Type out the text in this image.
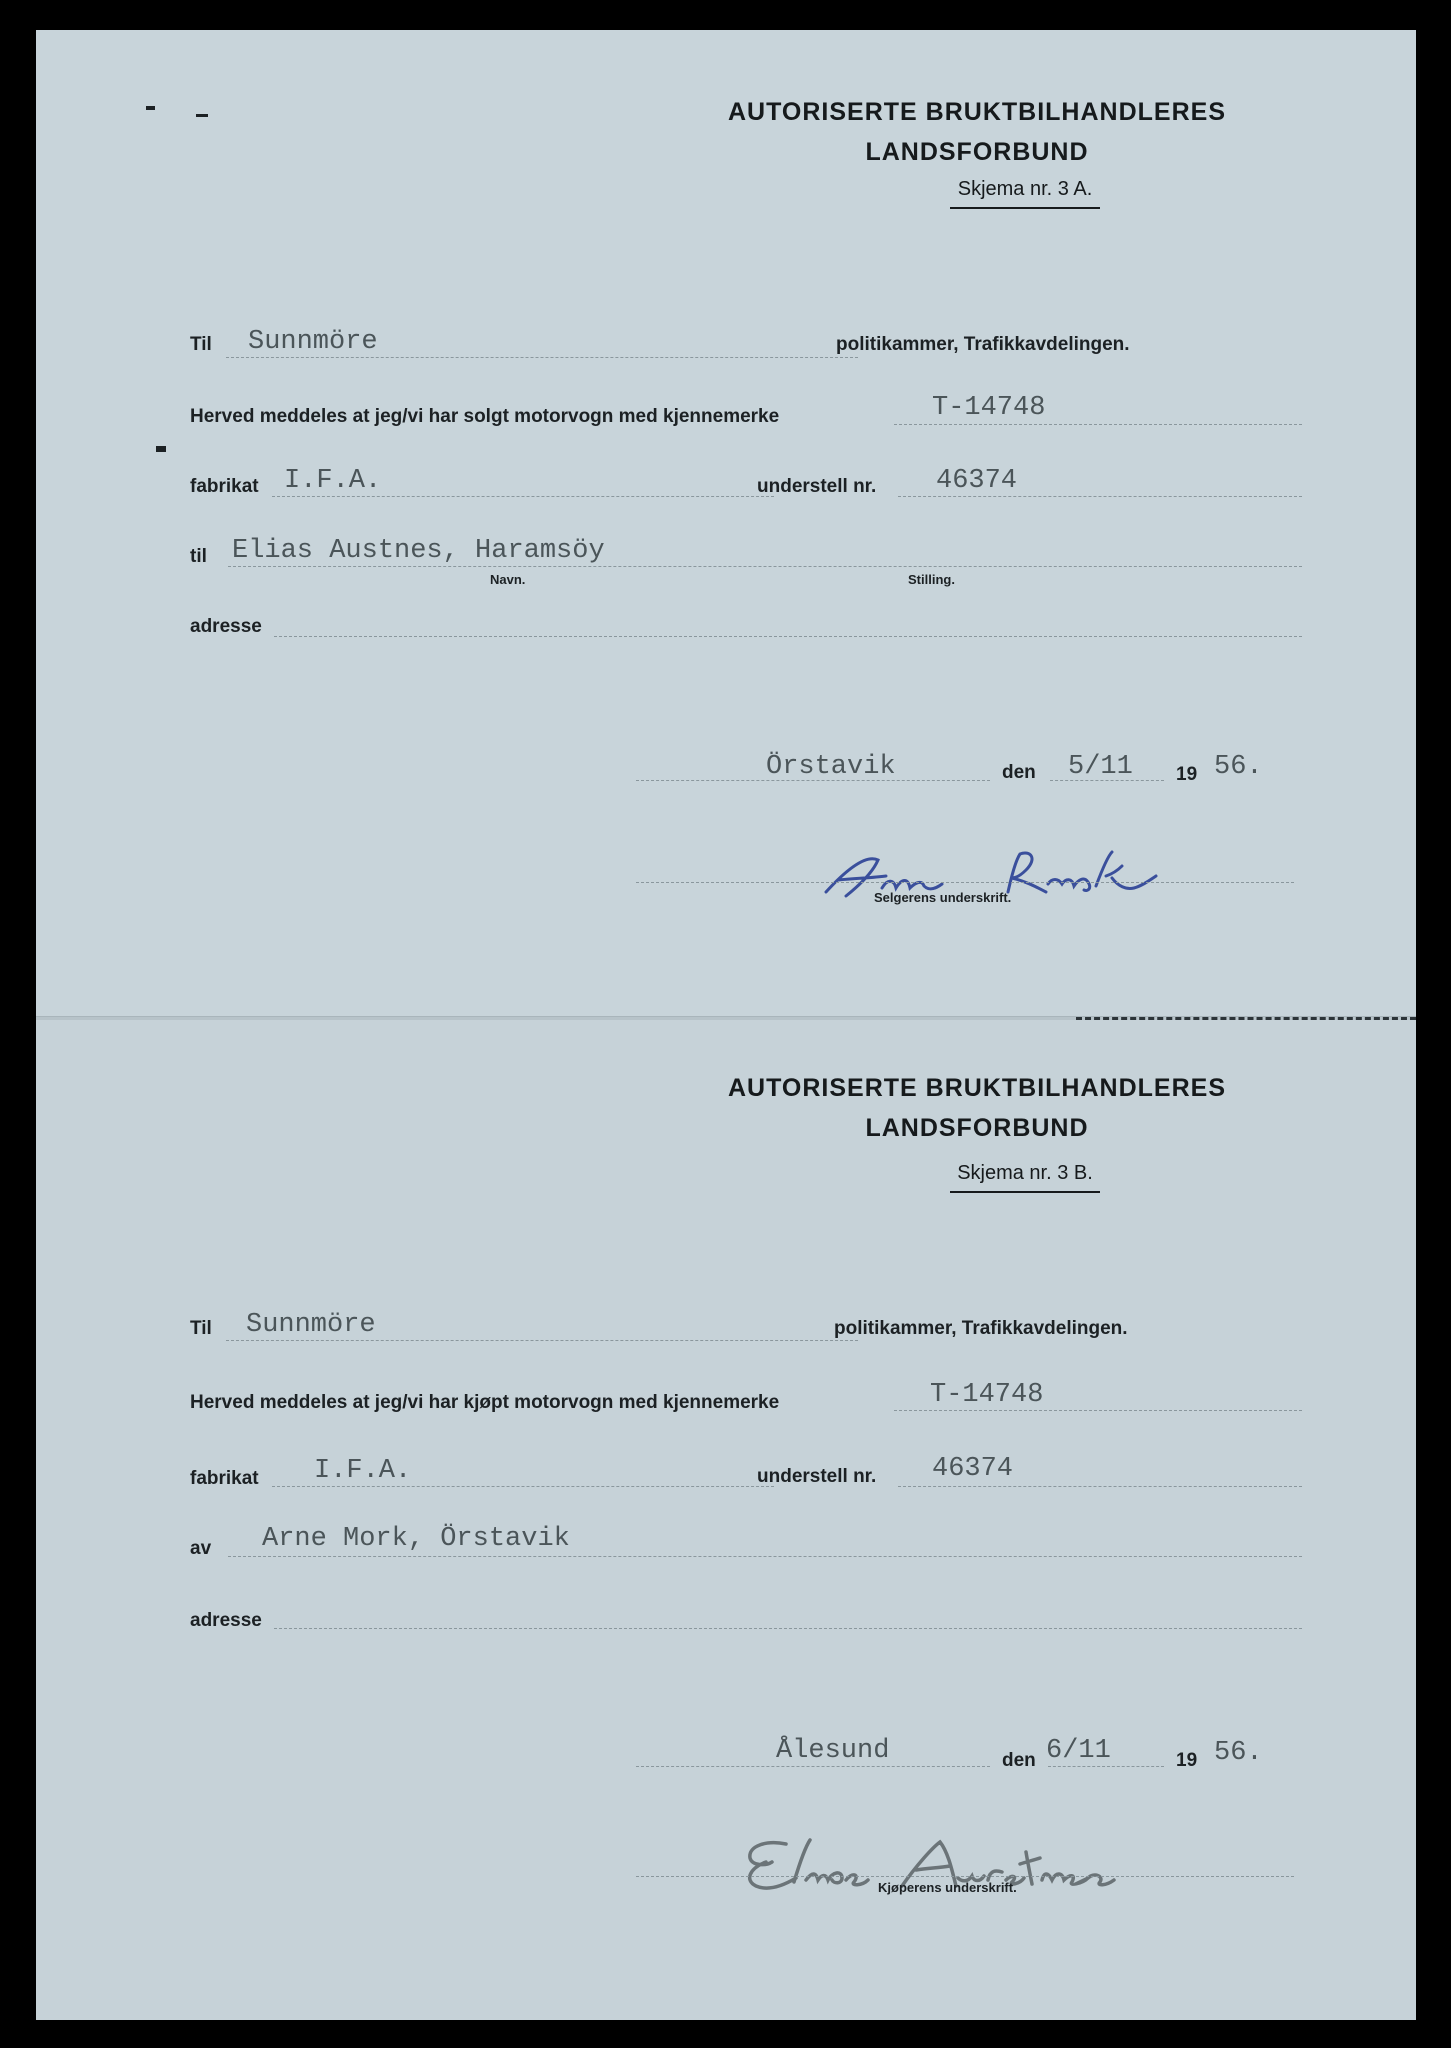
AUTORISERTE BRUKTBILHANDLERES
LANDSFORBUND
Skjema nr. 3 A.
Til Sunnmöre	politikammer, Trafikkavdelingen.
Herved meddeles at jeg/vi har solgt motorvogn med kjennemerke	T-14748
fabrikat I.F.A.	understell nr. 46374
til Elias Austnes, Haramsöy
Navn.	Stilling.
adresse
Örstavik	den 5/11 19 56.
Selgerens underskrift.
AUTORISERTE BRUKTBILHANDLERES
LANDSFORBUND
Skjema nr. 3 B.
Til Sunnmöre	politikammer, Trafikkavdelingen.
Herved meddeles at jeg/vi har kjøpt motorvogn med kjennemerke	T-14748
fabrikat I.F.A.	understell nr. 46374
av Arne Mork, Örstavik
adresse
Ålesund	den 6/11	19 56.
Kjøperens underskrift.
